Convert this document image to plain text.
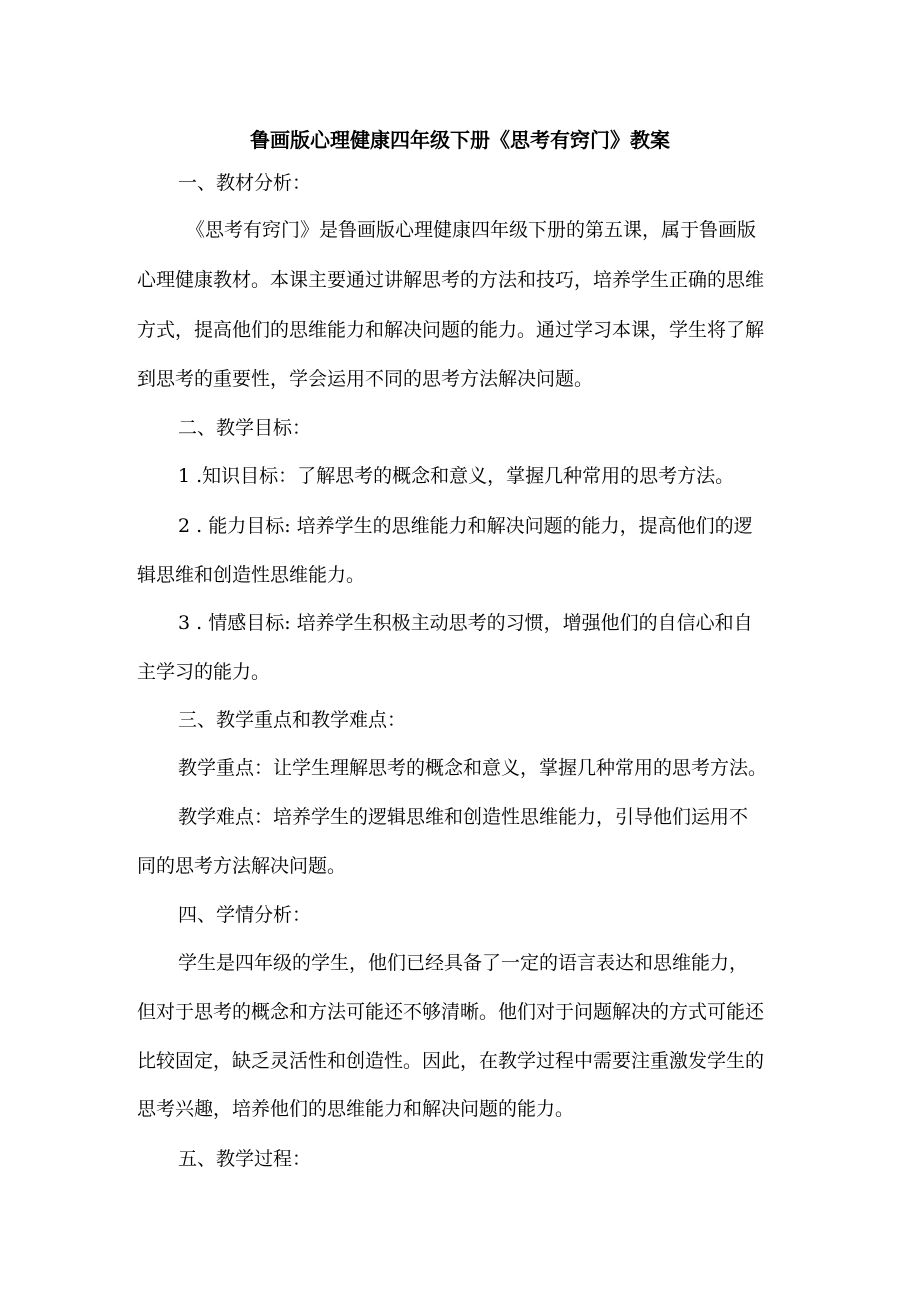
鲁画版心理健康四年级下册《思考有窍门》教案
一、教材分析：
《思考有窍门》是鲁画版心理健康四年级下册的第五课，属于鲁画版
心理健康教材。本课主要通过讲解思考的方法和技巧，培养学生正确的思维
方式，提高他们的思维能力和解决问题的能力。通过学习本课，学生将了解
到思考的重要性，学会运用不同的思考方法解决问题。
二、教学目标：
1 .知识目标：了解思考的概念和意义，掌握几种常用的思考方法。
2 . 能力目标: 培养学生的思维能力和解决问题的能力，提高他们的逻
辑思维和创造性思维能力。
3 . 情感目标: 培养学生积极主动思考的习惯，增强他们的自信心和自
主学习的能力。
三、教学重点和教学难点：
教学重点：让学生理解思考的概念和意义，掌握几种常用的思考方法。
教学难点：培养学生的逻辑思维和创造性思维能力，引导他们运用不
同的思考方法解决问题。
四、学情分析：
学生是四年级的学生，他们已经具备了一定的语言表达和思维能力，
但对于思考的概念和方法可能还不够清晰。他们对于问题解决的方式可能还
比较固定，缺乏灵活性和创造性。因此，在教学过程中需要注重激发学生的
思考兴趣，培养他们的思维能力和解决问题的能力。
五、教学过程：
